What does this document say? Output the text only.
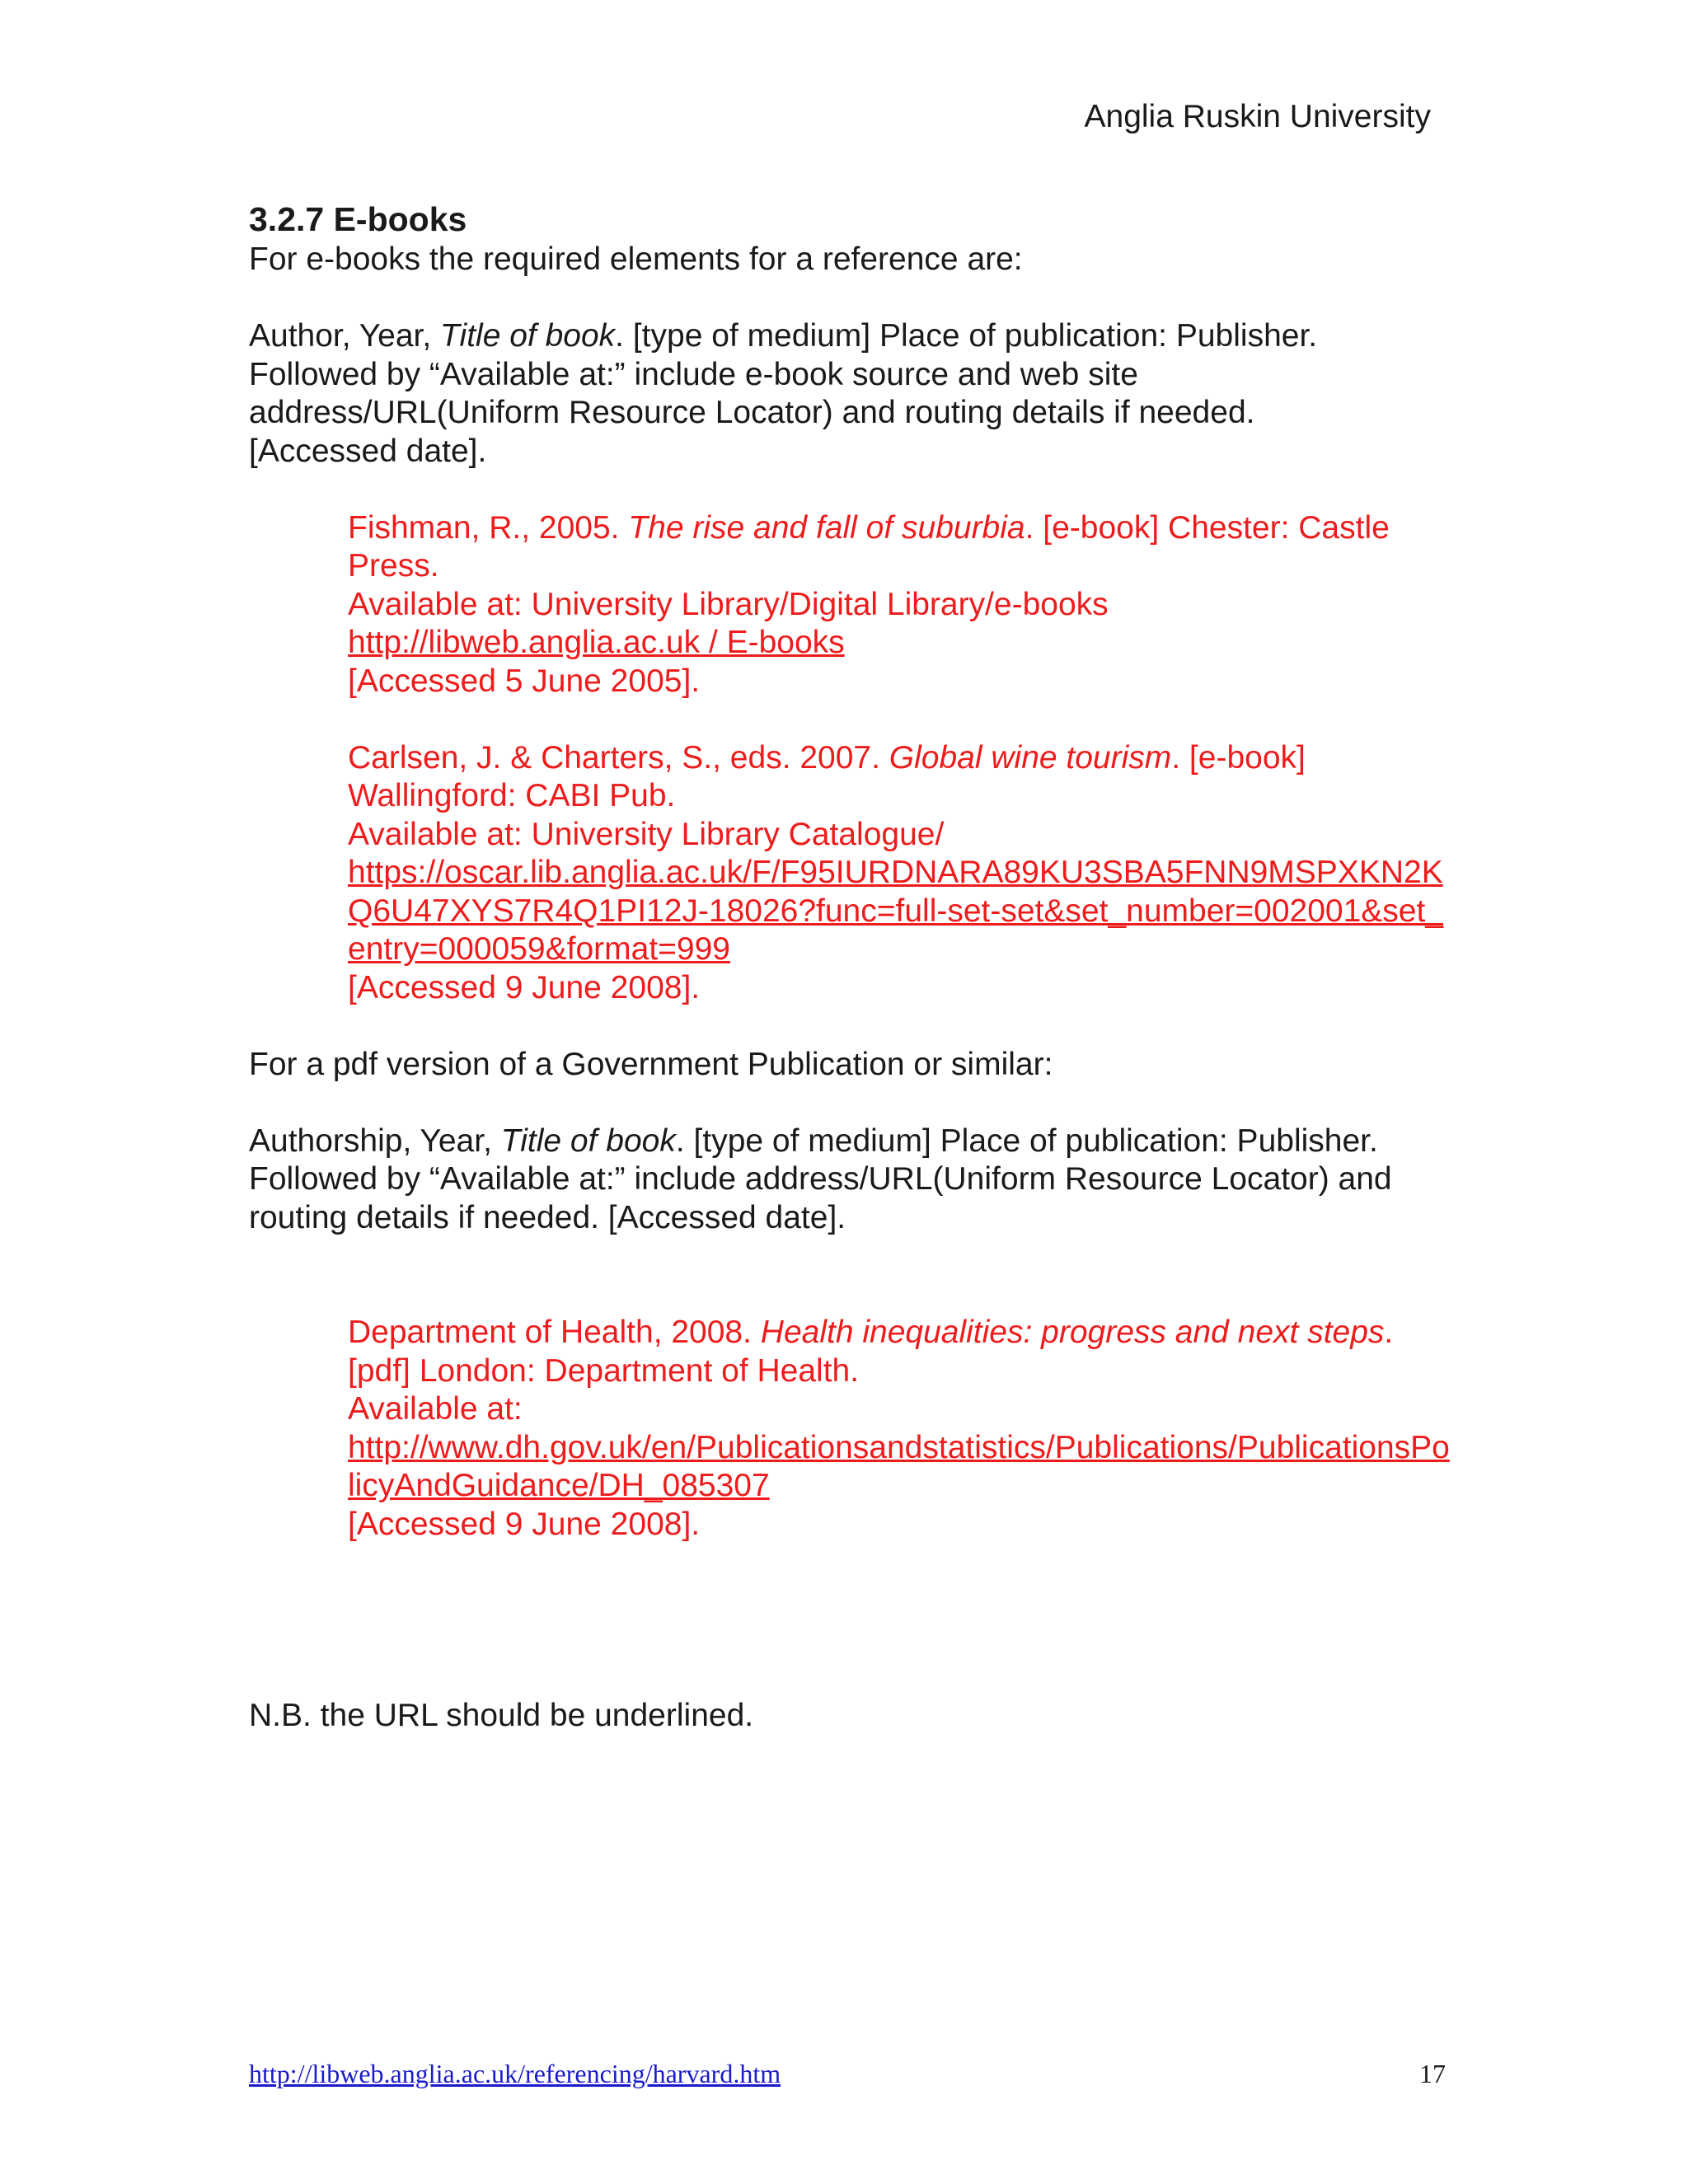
Anglia Ruskin University
3.2.7 E-books

For e-books the required elements for a reference are:

Author, Year, Title of book. [type of medium] Place of publication: Publisher.

Followed by “Available at:” include e-book source and web site

address/URL(Uniform Resource Locator) and routing details if needed.

[Accessed date].

Fishman, R., 2005. The rise and fall of suburbia. [e-book] Chester: Castle Press.

Available at: University Library/Digital Library/e-books

http://libweb.anglia.ac.uk / E-books

[Accessed 5 June 2005].

Carlsen, J. & Charters, S., eds. 2007. Global wine tourism. [e-book] Wallingford: CABI Pub.

Available at: University Library Catalogue/

https://oscar.lib.anglia.ac.uk/F/F95IURDNARA89KU3SBA5FNN9MSPXKN2KQ6U47XYS7R4Q1PI12J-18026?func=full-set-set&set_number=002001&set_entry=000059&format=999

[Accessed 9 June 2008].

For a pdf version of a Government Publication or similar:

Authorship, Year, Title of book. [type of medium] Place of publication: Publisher.

Followed by “Available at:” include address/URL(Uniform Resource Locator) and routing details if needed. [Accessed date].

Department of Health, 2008. Health inequalities: progress and next steps. [pdf] London: Department of Health.

Available at:

http://www.dh.gov.uk/en/Publicationsandstatistics/Publications/PublicationsPolicyAndGuidance/DH_085307

[Accessed 9 June 2008].

N.B. the URL should be underlined.

http://libweb.anglia.ac.uk/referencing/harvard.htm	17
